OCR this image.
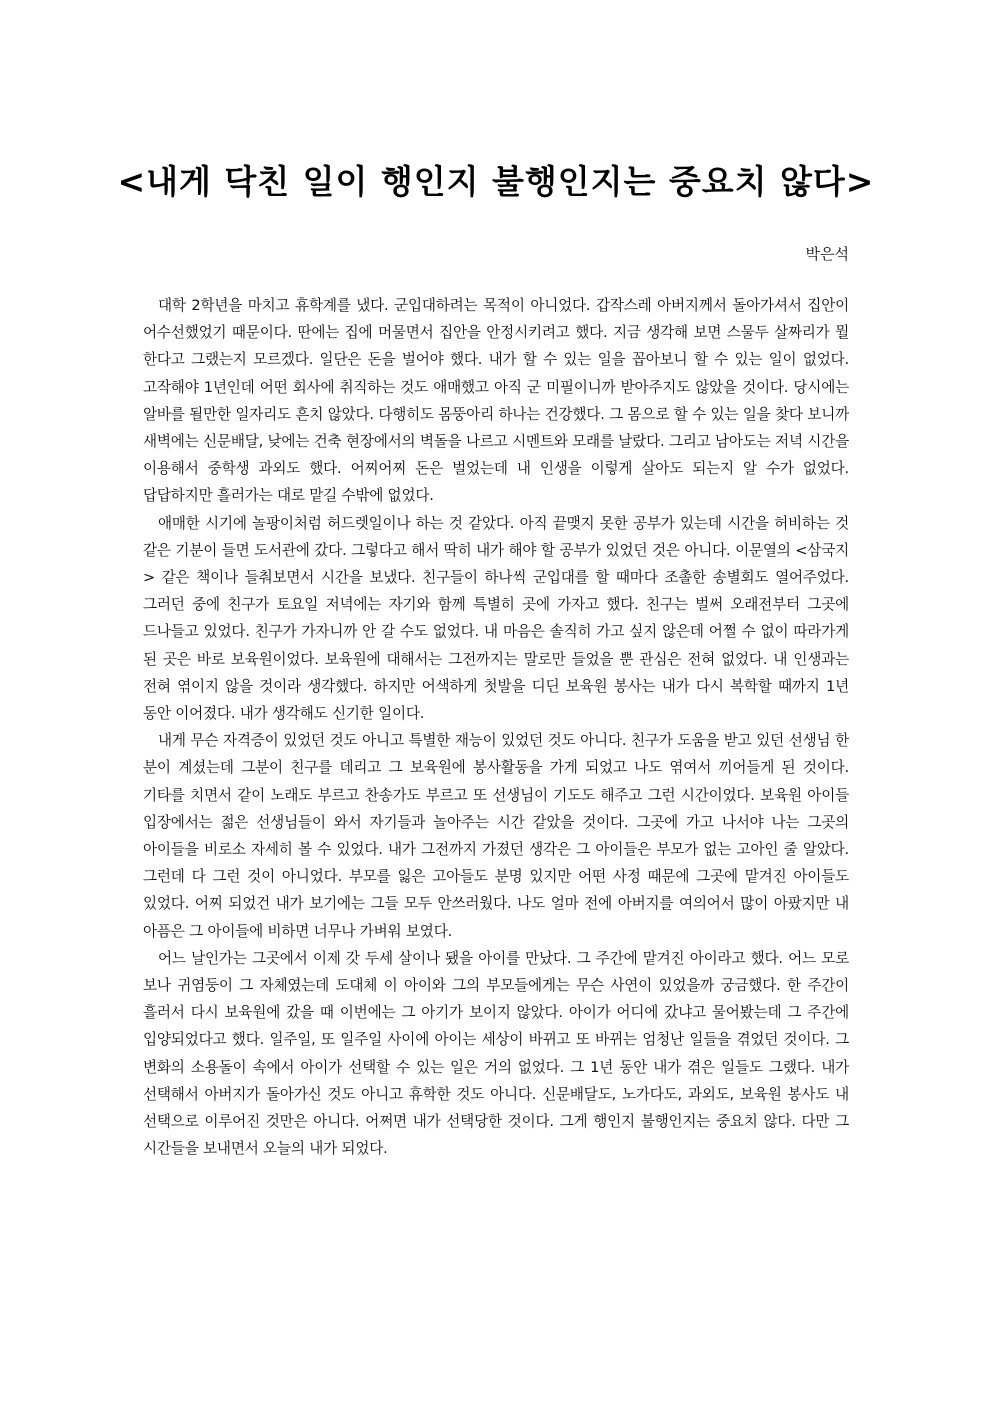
<내게 닥친 일이 행인지 불행인지는 중요치 않다>

박은석

대학 2학년을 마치고 휴학계를 냈다. 군입대하려는 목적이 아니었다. 갑작스레 아버지께서 돌아가셔서 집안이 어수선했었기 때문이다. 딴에는 집에 머물면서 집안을 안정시키려고 했다. 지금 생각해 보면 스물두 살짜리가 뭘 한다고 그랬는지 모르겠다. 일단은 돈을 벌어야 했다. 내가 할 수 있는 일을 꼽아보니 할 수 있는 일이 없었다. 고작해야 1년인데 어떤 회사에 취직하는 것도 애매했고 아직 군 미필이니까 받아주지도 않았을 것이다. 당시에는 알바를 될만한 일자리도 흔치 않았다. 다행히도 몸뚱아리 하나는 건강했다. 그 몸으로 할 수 있는 일을 찾다 보니까 새벽에는 신문배달, 낮에는 건축 현장에서의 벽돌을 나르고 시멘트와 모래를 날랐다. 그리고 남아도는 저녁 시간을 이용해서 중학생 과외도 했다. 어찌어찌 돈은 벌었는데 내 인생을 이렇게 살아도 되는지 알 수가 없었다. 답답하지만 흘러가는 대로 맡길 수밖에 없었다.

애매한 시기에 놀팡이처럼 허드렛일이나 하는 것 같았다. 아직 끝맺지 못한 공부가 있는데 시간을 허비하는 것 같은 기분이 들면 도서관에 갔다. 그렇다고 해서 딱히 내가 해야 할 공부가 있었던 것은 아니다. 이문열의 <삼국지> 같은 책이나 들춰보면서 시간을 보냈다. 친구들이 하나씩 군입대를 할 때마다 조촐한 송별회도 열어주었다. 그러던 중에 친구가 토요일 저녁에는 자기와 함께 특별히 곳에 가자고 했다. 친구는 벌써 오래전부터 그곳에 드나들고 있었다. 친구가 가자니까 안 갈 수도 없었다. 내 마음은 솔직히 가고 싶지 않은데 어쩔 수 없이 따라가게 된 곳은 바로 보육원이었다. 보육원에 대해서는 그전까지는 말로만 들었을 뿐 관심은 전혀 없었다. 내 인생과는 전혀 엮이지 않을 것이라 생각했다. 하지만 어색하게 첫발을 디딘 보육원 봉사는 내가 다시 복학할 때까지 1년 동안 이어졌다. 내가 생각해도 신기한 일이다.

내게 무슨 자격증이 있었던 것도 아니고 특별한 재능이 있었던 것도 아니다. 친구가 도움을 받고 있던 선생님 한 분이 계셨는데 그분이 친구를 데리고 그 보육원에 봉사활동을 가게 되었고 나도 엮여서 끼어들게 된 것이다. 기타를 치면서 같이 노래도 부르고 찬송가도 부르고 또 선생님이 기도도 해주고 그런 시간이었다. 보육원 아이들 입장에서는 젊은 선생님들이 와서 자기들과 놀아주는 시간 같았을 것이다. 그곳에 가고 나서야 나는 그곳의 아이들을 비로소 자세히 볼 수 있었다. 내가 그전까지 가졌던 생각은 그 아이들은 부모가 없는 고아인 줄 알았다. 그런데 다 그런 것이 아니었다. 부모를 잃은 고아들도 분명 있지만 어떤 사정 때문에 그곳에 맡겨진 아이들도 있었다. 어찌 되었건 내가 보기에는 그들 모두 안쓰러웠다. 나도 얼마 전에 아버지를 여의어서 많이 아팠지만 내 아픔은 그 아이들에 비하면 너무나 가벼워 보였다.

어느 날인가는 그곳에서 이제 갓 두세 살이나 됐을 아이를 만났다. 그 주간에 맡겨진 아이라고 했다. 어느 모로 보나 귀염둥이 그 자체였는데 도대체 이 아이와 그의 부모들에게는 무슨 사연이 있었을까 궁금했다. 한 주간이 흘러서 다시 보육원에 갔을 때 이번에는 그 아기가 보이지 않았다. 아이가 어디에 갔냐고 물어봤는데 그 주간에 입양되었다고 했다. 일주일, 또 일주일 사이에 아이는 세상이 바뀌고 또 바뀌는 엄청난 일들을 겪었던 것이다. 그 변화의 소용돌이 속에서 아이가 선택할 수 있는 일은 거의 없었다. 그 1년 동안 내가 겪은 일들도 그랬다. 내가 선택해서 아버지가 돌아가신 것도 아니고 휴학한 것도 아니다. 신문배달도, 노가다도, 과외도, 보육원 봉사도 내 선택으로 이루어진 것만은 아니다. 어쩌면 내가 선택당한 것이다. 그게 행인지 불행인지는 중요치 않다. 다만 그 시간들을 보내면서 오늘의 내가 되었다.
